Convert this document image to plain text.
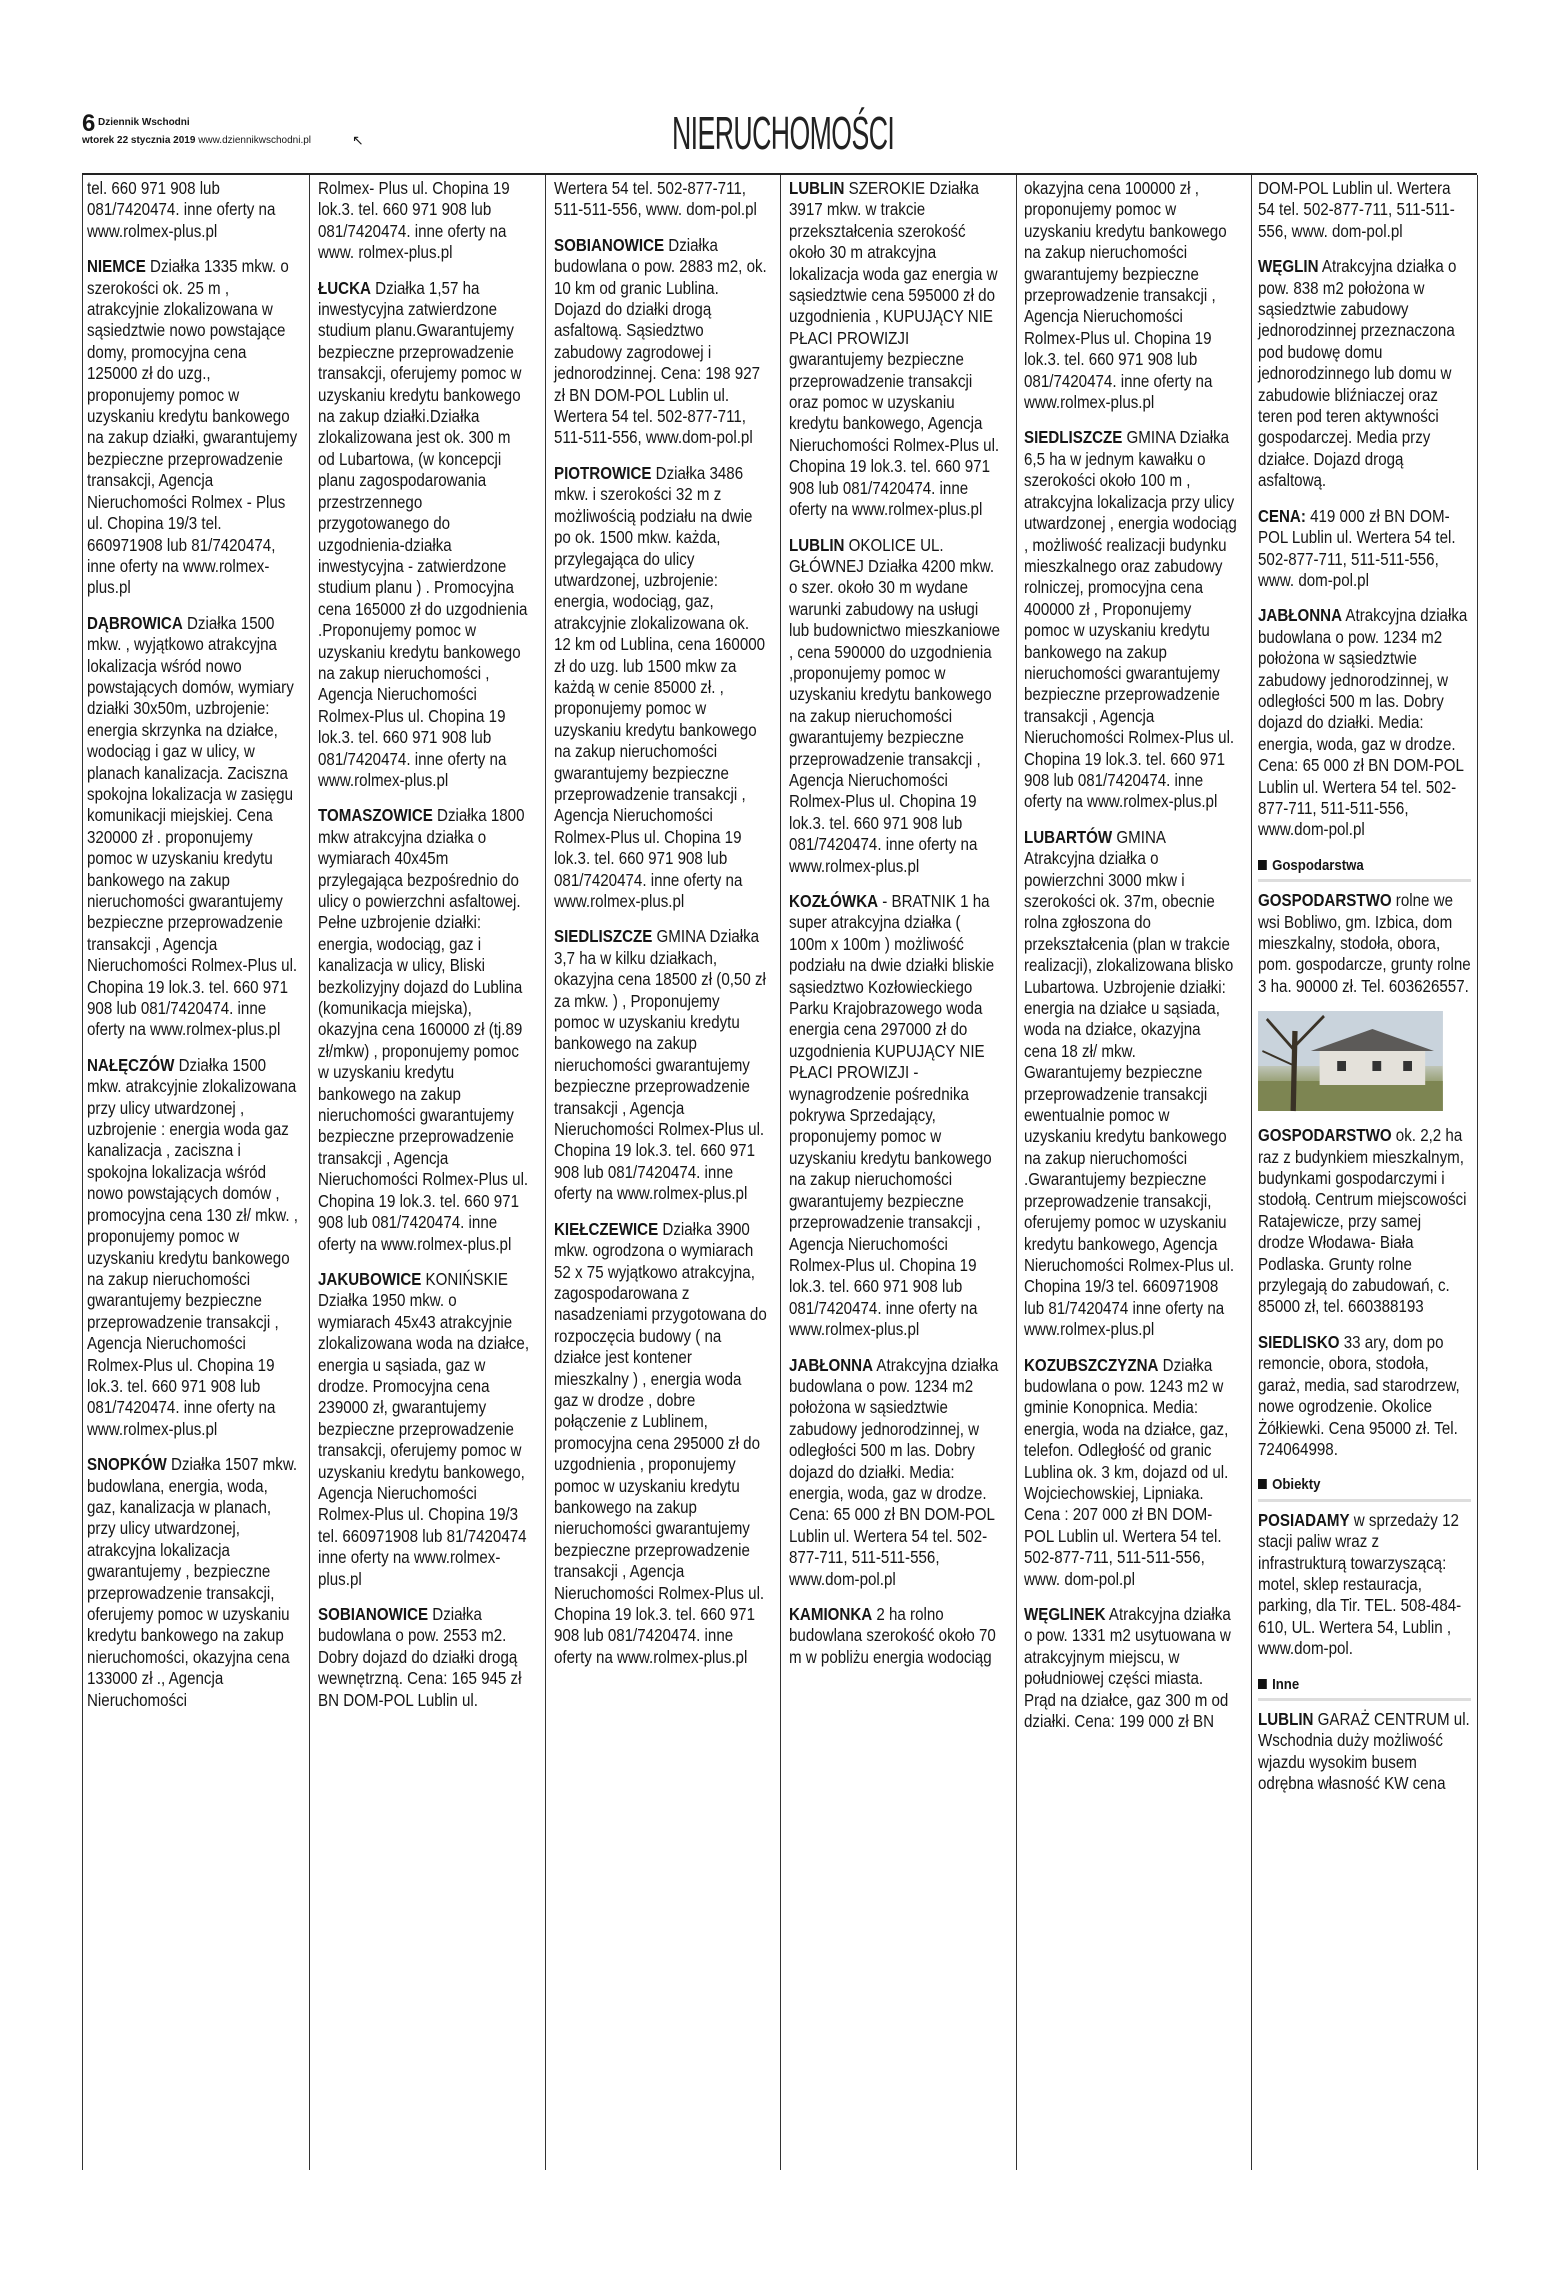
6 Dziennik Wschodni
wtorek 22 stycznia 2019 www.dziennikwschodni.pl	↖	NIERUCHOMOŚCI

tel. 660 971 908 lub 081/7420474. inne oferty na www.rolmex-plus.pl

NIEMCE Działka 1335 mkw. o szerokości ok. 25 m , atrakcyjnie zlokalizowana w sąsiedztwie nowo powstające domy, promocyjna cena 125000 zł do uzg., proponujemy pomoc w uzyskaniu kredytu bankowego na zakup działki, gwarantujemy bezpieczne przeprowadzenie transakcji, Agencja Nieruchomości Rolmex - Plus ul. Chopina 19/3 tel. 660971908 lub 81/7420474, inne oferty na www.rolmex-plus.pl

DĄBROWICA Działka 1500 mkw. , wyjątkowo atrakcyjna lokalizacja wśród nowo powstających domów, wymiary działki 30x50m, uzbrojenie: energia skrzynka na działce, wodociąg i gaz w ulicy, w planach kanalizacja. Zaciszna spokojna lokalizacja w zasięgu komunikacji miejskiej. Cena 320000 zł . proponujemy pomoc w uzyskaniu kredytu bankowego na zakup nieruchomości gwarantujemy bezpieczne przeprowadzenie transakcji , Agencja Nieruchomości Rolmex-Plus ul. Chopina 19 lok.3. tel. 660 971 908 lub 081/7420474. inne oferty na www.rolmex-plus.pl

NAŁĘCZÓW Działka 1500 mkw. atrakcyjnie zlokalizowana przy ulicy utwardzonej , uzbrojenie : energia woda gaz kanalizacja , zaciszna i spokojna lokalizacja wśród nowo powstających domów , promocyjna cena 130 zł/ mkw. , proponujemy pomoc w uzyskaniu kredytu bankowego na zakup nieruchomości gwarantujemy bezpieczne przeprowadzenie transakcji , Agencja Nieruchomości Rolmex-Plus ul. Chopina 19 lok.3. tel. 660 971 908 lub 081/7420474. inne oferty na www.rolmex-plus.pl

SNOPKÓW Działka 1507 mkw. budowlana, energia, woda, gaz, kanalizacja w planach, przy ulicy utwardzonej, atrakcyjna lokalizacja gwarantujemy , bezpieczne przeprowadzenie transakcji, oferujemy pomoc w uzyskaniu kredytu bankowego na zakup nieruchomości, okazyjna cena 133000 zł ., Agencja Nieruchomości

Rolmex- Plus ul. Chopina 19 lok.3. tel. 660 971 908 lub 081/7420474. inne oferty na www. rolmex-plus.pl

ŁUCKA Działka 1,57 ha inwestycyjna zatwierdzone studium planu.Gwarantujemy bezpieczne przeprowadzenie transakcji, oferujemy pomoc w uzyskaniu kredytu bankowego na zakup działki.Działka zlokalizowana jest ok. 300 m od Lubartowa, (w koncepcji planu zagospodarowania przestrzennego przygotowanego do uzgodnienia-działka inwestycyjna - zatwierdzone studium planu ) . Promocyjna cena 165000 zł do uzgodnienia .Proponujemy pomoc w uzyskaniu kredytu bankowego na zakup nieruchomości , Agencja Nieruchomości Rolmex-Plus ul. Chopina 19 lok.3. tel. 660 971 908 lub 081/7420474. inne oferty na www.rolmex-plus.pl

TOMASZOWICE Działka 1800 mkw atrakcyjna działka o wymiarach 40x45m przylegająca bezpośrednio do ulicy o powierzchni asfaltowej. Pełne uzbrojenie działki: energia, wodociąg, gaz i kanalizacja w ulicy, Bliski bezkolizyjny dojazd do Lublina (komunikacja miejska), okazyjna cena 160000 zł (tj.89 zł/mkw) , proponujemy pomoc w uzyskaniu kredytu bankowego na zakup nieruchomości gwarantujemy bezpieczne przeprowadzenie transakcji , Agencja Nieruchomości Rolmex-Plus ul. Chopina 19 lok.3. tel. 660 971 908 lub 081/7420474. inne oferty na www.rolmex-plus.pl

JAKUBOWICE KONIŃSKIE Działka 1950 mkw. o wymiarach 45x43 atrakcyjnie zlokalizowana woda na działce, energia u sąsiada, gaz w drodze. Promocyjna cena 239000 zł, gwarantujemy bezpieczne przeprowadzenie transakcji, oferujemy pomoc w uzyskaniu kredytu bankowego, Agencja Nieruchomości Rolmex-Plus ul. Chopina 19/3 tel. 660971908 lub 81/7420474 inne oferty na www.rolmex-plus.pl

SOBIANOWICE Działka budowlana o pow. 2553 m2. Dobry dojazd do działki drogą wewnętrzną. Cena: 165 945 zł BN DOM-POL Lublin ul.

Wertera 54 tel. 502-877-711, 511-511-556, www. dom-pol.pl

SOBIANOWICE Działka budowlana o pow. 2883 m2, ok. 10 km od granic Lublina. Dojazd do działki drogą asfaltową. Sąsiedztwo zabudowy zagrodowej i jednorodzinnej. Cena: 198 927 zł BN DOM-POL Lublin ul. Wertera 54 tel. 502-877-711, 511-511-556, www.dom-pol.pl

PIOTROWICE Działka 3486 mkw. i szerokości 32 m z możliwością podziału na dwie po ok. 1500 mkw. każda, przylegająca do ulicy utwardzonej, uzbrojenie: energia, wodociąg, gaz, atrakcyjnie zlokalizowana ok. 12 km od Lublina, cena 160000 zł do uzg. lub 1500 mkw za każdą w cenie 85000 zł. , proponujemy pomoc w uzyskaniu kredytu bankowego na zakup nieruchomości gwarantujemy bezpieczne przeprowadzenie transakcji , Agencja Nieruchomości Rolmex-Plus ul. Chopina 19 lok.3. tel. 660 971 908 lub 081/7420474. inne oferty na www.rolmex-plus.pl

SIEDLISZCZE GMINA Działka 3,7 ha w kilku działkach, okazyjna cena 18500 zł (0,50 zł za mkw. ) , Proponujemy pomoc w uzyskaniu kredytu bankowego na zakup nieruchomości gwarantujemy bezpieczne przeprowadzenie transakcji , Agencja Nieruchomości Rolmex-Plus ul. Chopina 19 lok.3. tel. 660 971 908 lub 081/7420474. inne oferty na www.rolmex-plus.pl

KIEŁCZEWICE Działka 3900 mkw. ogrodzona o wymiarach 52 x 75 wyjątkowo atrakcyjna, zagospodarowana z nasadzeniami przygotowana do rozpoczęcia budowy ( na działce jest kontener mieszkalny ) , energia woda gaz w drodze , dobre połączenie z Lublinem, promocyjna cena 295000 zł do uzgodnienia , proponujemy pomoc w uzyskaniu kredytu bankowego na zakup nieruchomości gwarantujemy bezpieczne przeprowadzenie transakcji , Agencja Nieruchomości Rolmex-Plus ul. Chopina 19 lok.3. tel. 660 971 908 lub 081/7420474. inne oferty na www.rolmex-plus.pl

LUBLIN SZEROKIE Działka 3917 mkw. w trakcie przekształcenia szerokość około 30 m atrakcyjna lokalizacja woda gaz energia w sąsiedztwie cena 595000 zł do uzgodnienia , KUPUJĄCY NIE PŁACI PROWIZJI gwarantujemy bezpieczne przeprowadzenie transakcji oraz pomoc w uzyskaniu kredytu bankowego, Agencja Nieruchomości Rolmex-Plus ul. Chopina 19 lok.3. tel. 660 971 908 lub 081/7420474. inne oferty na www.rolmex-plus.pl

LUBLIN OKOLICE UL. GŁÓWNEJ Działka 4200 mkw. o szer. około 30 m wydane warunki zabudowy na usługi lub budownictwo mieszkaniowe , cena 590000 do uzgodnienia ,proponujemy pomoc w uzyskaniu kredytu bankowego na zakup nieruchomości gwarantujemy bezpieczne przeprowadzenie transakcji , Agencja Nieruchomości Rolmex-Plus ul. Chopina 19 lok.3. tel. 660 971 908 lub 081/7420474. inne oferty na www.rolmex-plus.pl

KOZŁÓWKA - BRATNIK 1 ha super atrakcyjna działka ( 100m x 100m ) możliwość podziału na dwie działki bliskie sąsiedztwo Kozłowieckiego Parku Krajobrazowego woda energia cena 297000 zł do uzgodnienia KUPUJĄCY NIE PŁACI PROWIZJI -wynagrodzenie pośrednika pokrywa Sprzedający, proponujemy pomoc w uzyskaniu kredytu bankowego na zakup nieruchomości gwarantujemy bezpieczne przeprowadzenie transakcji , Agencja Nieruchomości Rolmex-Plus ul. Chopina 19 lok.3. tel. 660 971 908 lub 081/7420474. inne oferty na www.rolmex-plus.pl

JABŁONNA Atrakcyjna działka budowlana o pow. 1234 m2 położona w sąsiedztwie zabudowy jednorodzinnej, w odległości 500 m las. Dobry dojazd do działki. Media: energia, woda, gaz w drodze. Cena: 65 000 zł BN DOM-POL Lublin ul. Wertera 54 tel. 502-877-711, 511-511-556, www.dom-pol.pl

KAMIONKA 2 ha rolno budowlana szerokość około 70 m w pobliżu energia wodociąg

okazyjna cena 100000 zł , proponujemy pomoc w uzyskaniu kredytu bankowego na zakup nieruchomości gwarantujemy bezpieczne przeprowadzenie transakcji , Agencja Nieruchomości Rolmex-Plus ul. Chopina 19 lok.3. tel. 660 971 908 lub 081/7420474. inne oferty na www.rolmex-plus.pl

SIEDLISZCZE GMINA Działka 6,5 ha w jednym kawałku o szerokości około 100 m , atrakcyjna lokalizacja przy ulicy utwardzonej , energia wodociąg , możliwość realizacji budynku mieszkalnego oraz zabudowy rolniczej, promocyjna cena 400000 zł , Proponujemy pomoc w uzyskaniu kredytu bankowego na zakup nieruchomości gwarantujemy bezpieczne przeprowadzenie transakcji , Agencja Nieruchomości Rolmex-Plus ul. Chopina 19 lok.3. tel. 660 971 908 lub 081/7420474. inne oferty na www.rolmex-plus.pl

LUBARTÓW GMINA Atrakcyjna działka o powierzchni 3000 mkw i szerokości ok. 37m, obecnie rolna zgłoszona do przekształcenia (plan w trakcie realizacji), zlokalizowana blisko Lubartowa. Uzbrojenie działki: energia na działce u sąsiada, woda na działce, okazyjna cena 18 zł/ mkw. Gwarantujemy bezpieczne przeprowadzenie transakcji ewentualnie pomoc w uzyskaniu kredytu bankowego na zakup nieruchomości .Gwarantujemy bezpieczne przeprowadzenie transakcji, oferujemy pomoc w uzyskaniu kredytu bankowego, Agencja Nieruchomości Rolmex-Plus ul. Chopina 19/3 tel. 660971908 lub 81/7420474 inne oferty na www.rolmex-plus.pl

KOZUBSZCZYZNA Działka budowlana o pow. 1243 m2 w gminie Konopnica. Media: energia, woda na działce, gaz, telefon. Odległość od granic Lublina ok. 3 km, dojazd od ul. Wojciechowskiej, Lipniaka. Cena : 207 000 zł BN DOM-POL Lublin ul. Wertera 54 tel. 502-877-711, 511-511-556, www. dom-pol.pl

WĘGLINEK Atrakcyjna działka o pow. 1331 m2 usytuowana w atrakcyjnym miejscu, w południowej części miasta. Prąd na działce, gaz 300 m od działki. Cena: 199 000 zł BN

DOM-POL Lublin ul. Wertera 54 tel. 502-877-711, 511-511-556, www. dom-pol.pl

WĘGLIN Atrakcyjna działka o pow. 838 m2 położona w sąsiedztwie zabudowy jednorodzinnej przeznaczona pod budowę domu jednorodzinnego lub domu w zabudowie bliźniaczej oraz teren pod teren aktywności gospodarczej. Media przy działce. Dojazd drogą asfaltową.

CENA: 419 000 zł BN DOM-POL Lublin ul. Wertera 54 tel. 502-877-711, 511-511-556, www. dom-pol.pl

JABŁONNA Atrakcyjna działka budowlana o pow. 1234 m2 położona w sąsiedztwie zabudowy jednorodzinnej, w odległości 500 m las. Dobry dojazd do działki. Media: energia, woda, gaz w drodze. Cena: 65 000 zł BN DOM-POL Lublin ul. Wertera 54 tel. 502-877-711, 511-511-556, www.dom-pol.pl

Gospodarstwa

GOSPODARSTWO rolne we wsi Bobliwo, gm. Izbica, dom mieszkalny, stodoła, obora, pom. gospodarcze, grunty rolne 3 ha. 90000 zł. Tel. 603626557.

GOSPODARSTWO ok. 2,2 ha raz z budynkiem mieszkalnym, budynkami gospodarczymi i stodołą. Centrum miejscowości Ratajewicze, przy samej drodze Włodawa- Biała Podlaska. Grunty rolne przylegają do zabudowań, c. 85000 zł, tel. 660388193

SIEDLISKO 33 ary, dom po remoncie, obora, stodoła, garaż, media, sad starodrzew, nowe ogrodzenie. Okolice Żółkiewki. Cena 95000 zł. Tel. 724064998.

Obiekty

POSIADAMY w sprzedaży 12 stacji paliw wraz z infrastrukturą towarzyszącą: motel, sklep restauracja, parking, dla Tir. TEL. 508-484-610, UL. Wertera 54, Lublin , www.dom-pol.

Inne

LUBLIN GARAŻ CENTRUM ul. Wschodnia duży możliwość wjazdu wysokim busem odrębna własność KW cena
